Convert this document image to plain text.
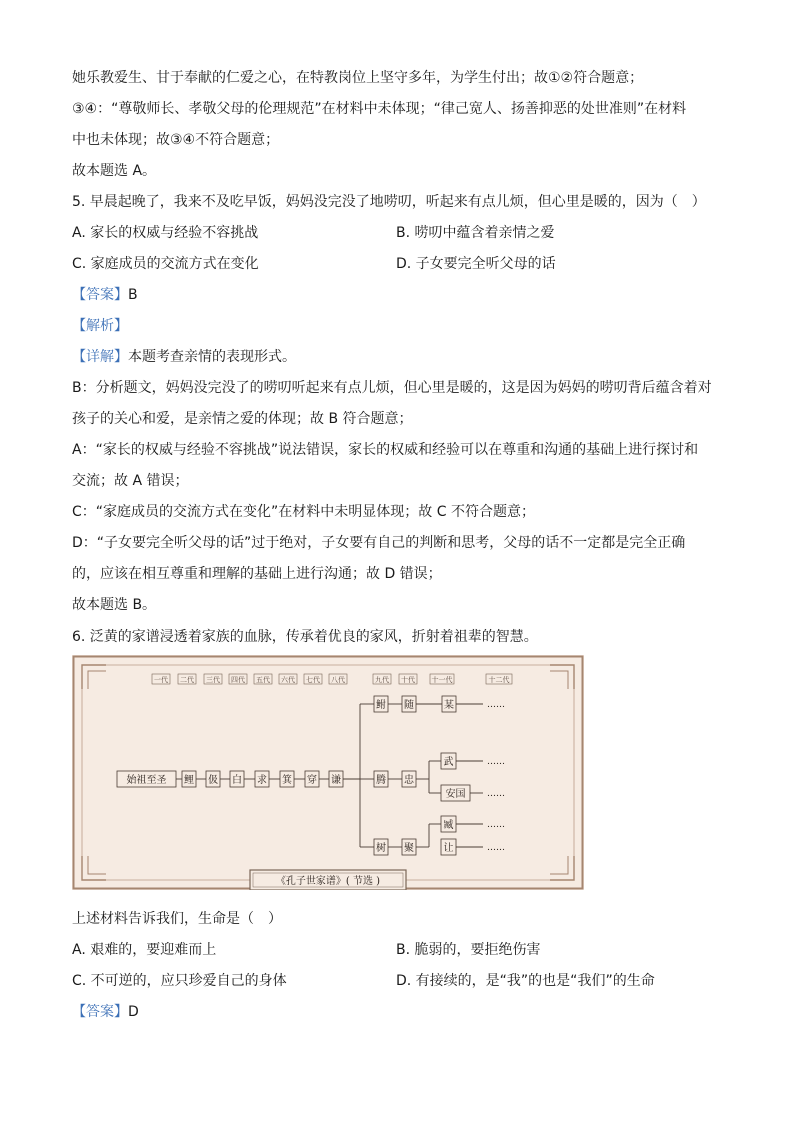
她乐教爱生、甘于奉献的仁爱之心，在特教岗位上坚守多年，为学生付出；故①②符合题意；
③④：“尊敬师长、孝敬父母的伦理规范”在材料中未体现；“律己宽人、扬善抑恶的处世准则”在材料
中也未体现；故③④不符合题意；
故本题选 A。
5. 早晨起晚了，我来不及吃早饭，妈妈没完没了地唠叨，听起来有点儿烦，但心里是暖的，因为（　）
A. 家长的权威与经验不容挑战	B. 唠叨中蕴含着亲情之爱
C. 家庭成员的交流方式在变化	D. 子女要完全听父母的话
【答案】B
【解析】
【详解】本题考查亲情的表现形式。
B：分析题文，妈妈没完没了的唠叨听起来有点儿烦，但心里是暖的，这是因为妈妈的唠叨背后蕴含着对
孩子的关心和爱，是亲情之爱的体现；故 B 符合题意；
A：“家长的权威与经验不容挑战”说法错误，家长的权威和经验可以在尊重和沟通的基础上进行探讨和
交流；故 A 错误；
C：“家庭成员的交流方式在变化”在材料中未明显体现；故 C 不符合题意；
D：“子女要完全听父母的话”过于绝对，子女要有自己的判断和思考，父母的话不一定都是完全正确
的，应该在相互尊重和理解的基础上进行沟通；故 D 错误；
故本题选 B。
6. 泛黄的家谱浸透着家族的血脉，传承着优良的家风，折射着祖辈的智慧。
一代 二代 三代 四代 五代 六代 七代 八代	九代 十代 十一代	十二代
始祖至圣 鲤 伋 白 求 箕 穿 谦
鲋
腾
树
随
忠
聚
某
武
安国
臧
让
……
……
……
……
……
《孔子世家谱》( 节选 )
上述材料告诉我们，生命是（　）
A. 艰难的，要迎难而上	B. 脆弱的，要拒绝伤害
C. 不可逆的，应只珍爱自己的身体	D. 有接续的，是“我”的也是“我们”的生命
【答案】D
